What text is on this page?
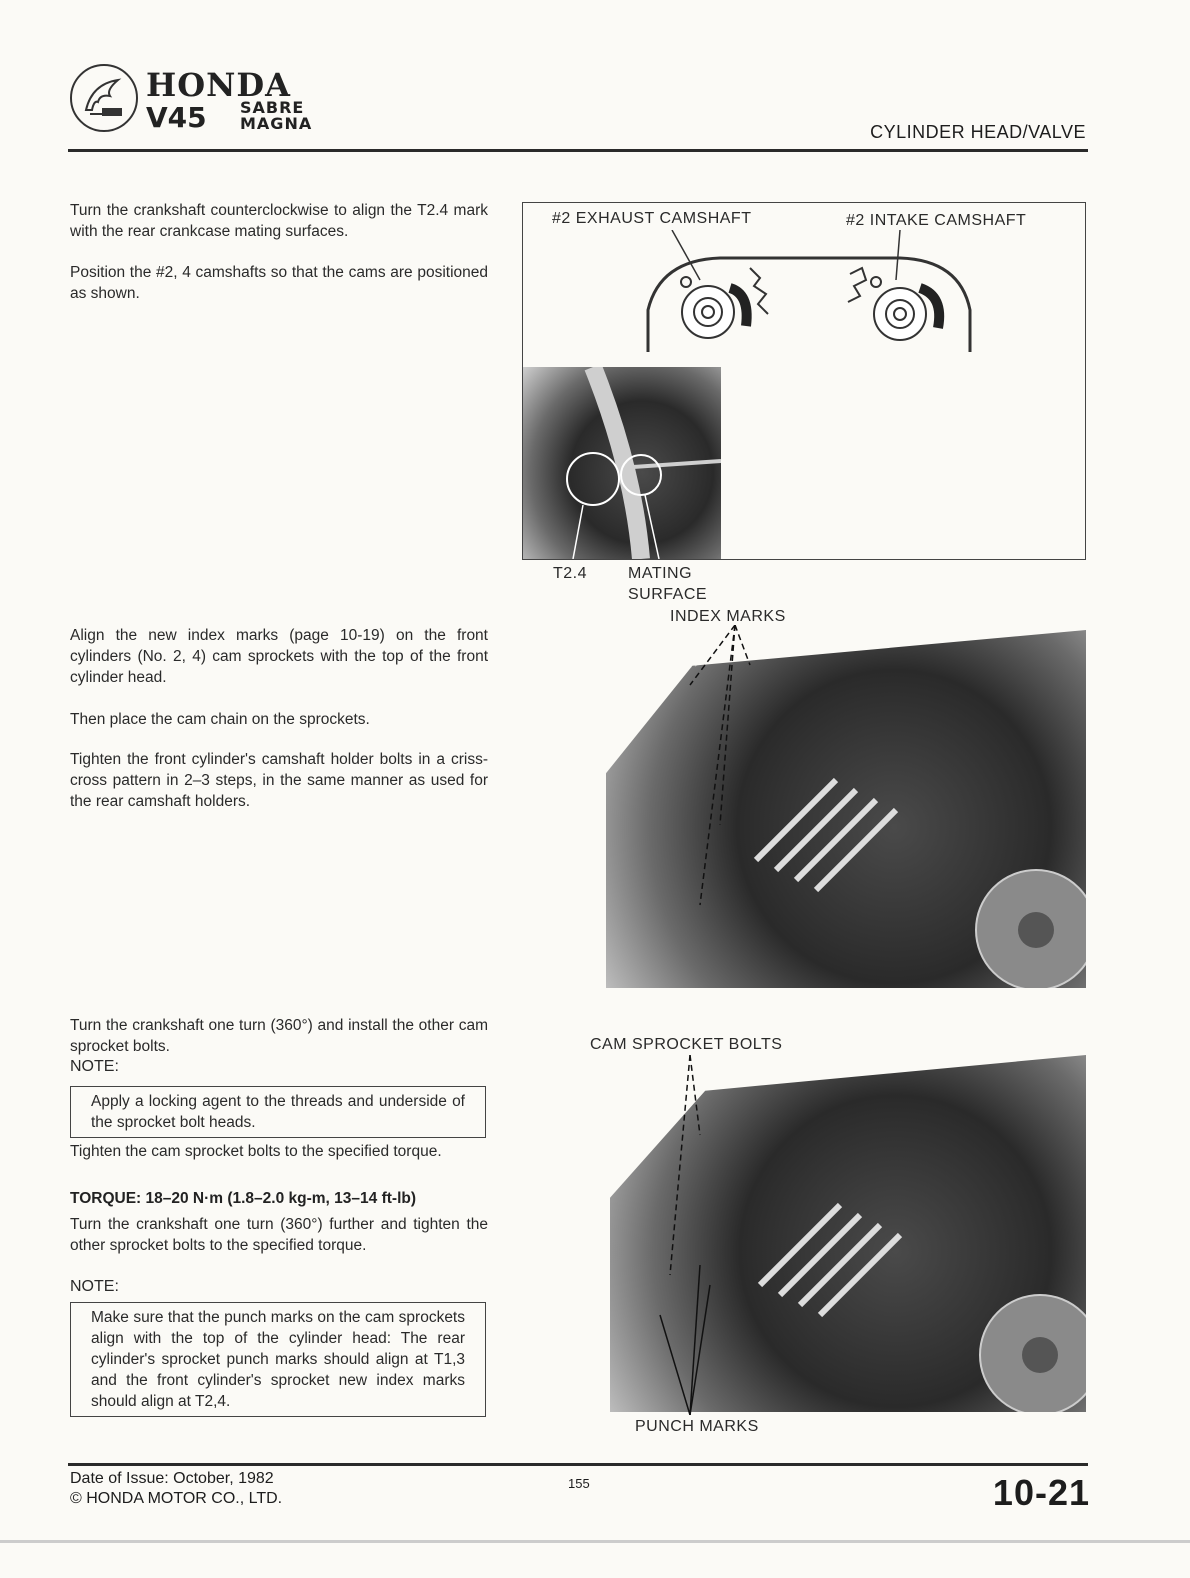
HONDA
V45 SABRE
MAGNA	CYLINDER HEAD/VALVE
Turn the crankshaft counterclockwise to align the T2.4 mark with the rear crankcase mating surfaces.
Position the #2, 4 camshafts so that the cams are positioned as shown.
Align the new index marks (page 10-19) on the front cylinders (No. 2, 4) cam sprockets with the top of the front cylinder head.
Then place the cam chain on the sprockets.
Tighten the front cylinder's camshaft holder bolts in a criss-cross pattern in 2–3 steps, in the same manner as used for the rear camshaft holders.
Turn the crankshaft one turn (360°) and install the other cam sprocket bolts.
NOTE:
Apply a locking agent to the threads and underside of the sprocket bolt heads.
Tighten the cam sprocket bolts to the specified torque.
TORQUE: 18–20 N·m (1.8–2.0 kg-m, 13–14 ft-lb)
Turn the crankshaft one turn (360°) further and tighten the other sprocket bolts to the specified torque.
NOTE:
Make sure that the punch marks on the cam sprockets align with the top of the cylinder head: The rear cylinder's sprocket punch marks should align at T1,3 and the front cylinder's sprocket new index marks should align at T2,4.
#2 EXHAUST CAMSHAFT	#2 INTAKE CAMSHAFT
T2.4	MATING
SURFACE
INDEX MARKS
CAM SPROCKET BOLTS
PUNCH MARKS
Date of Issue: October, 1982
© HONDA MOTOR CO., LTD.
155	10-21
